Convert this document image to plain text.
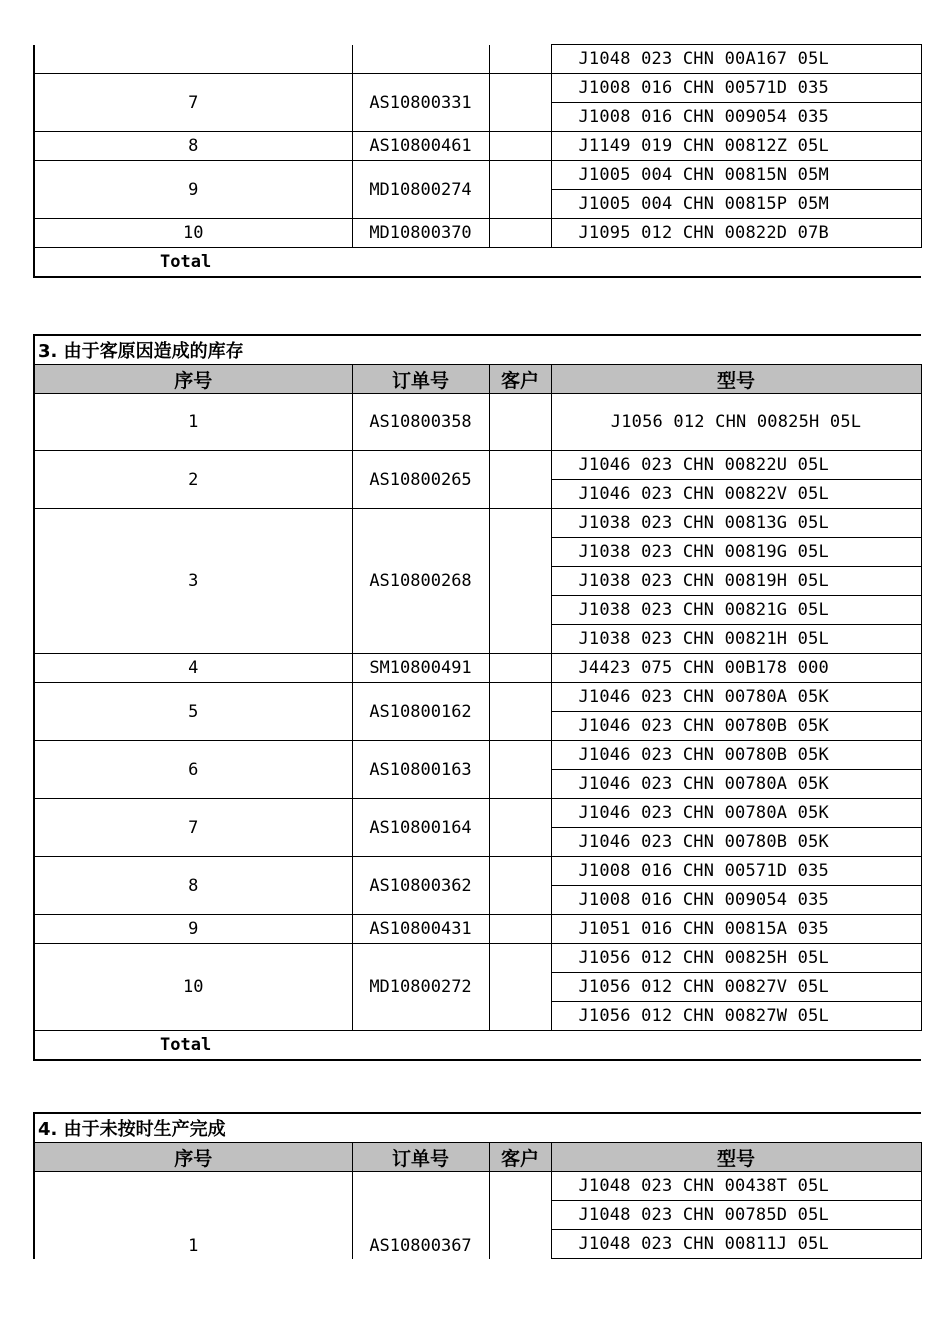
			J1048 023 CHN 00A167 05L
7	AS10800331		J1008 016 CHN 00571D 035
			J1008 016 CHN 009054 035
8	AS10800461		J1149 019 CHN 00812Z 05L
9	MD10800274		J1005 004 CHN 00815N 05M
			J1005 004 CHN 00815P 05M
10	MD10800370		J1095 012 CHN 00822D 07B
Total			
3. 由于客原因造成的库存			
序号	订单号	客户	型号
1	AS10800358		J1056 012 CHN 00825H 05L
2	AS10800265		J1046 023 CHN 00822U 05L
			J1046 023 CHN 00822V 05L
3	AS10800268		J1038 023 CHN 00813G 05L
			J1038 023 CHN 00819G 05L
			J1038 023 CHN 00819H 05L
			J1038 023 CHN 00821G 05L
			J1038 023 CHN 00821H 05L
4	SM10800491		J4423 075 CHN 00B178 000
5	AS10800162		J1046 023 CHN 00780A 05K
			J1046 023 CHN 00780B 05K
6	AS10800163		J1046 023 CHN 00780B 05K
			J1046 023 CHN 00780A 05K
7	AS10800164		J1046 023 CHN 00780A 05K
			J1046 023 CHN 00780B 05K
8	AS10800362		J1008 016 CHN 00571D 035
			J1008 016 CHN 009054 035
9	AS10800431		J1051 016 CHN 00815A 035
10	MD10800272		J1056 012 CHN 00825H 05L
			J1056 012 CHN 00827V 05L
			J1056 012 CHN 00827W 05L
Total			
4. 由于未按时生产完成			
序号	订单号	客户	型号
1	AS10800367		J1048 023 CHN 00438T 05L
			J1048 023 CHN 00785D 05L
			J1048 023 CHN 00811J 05L
